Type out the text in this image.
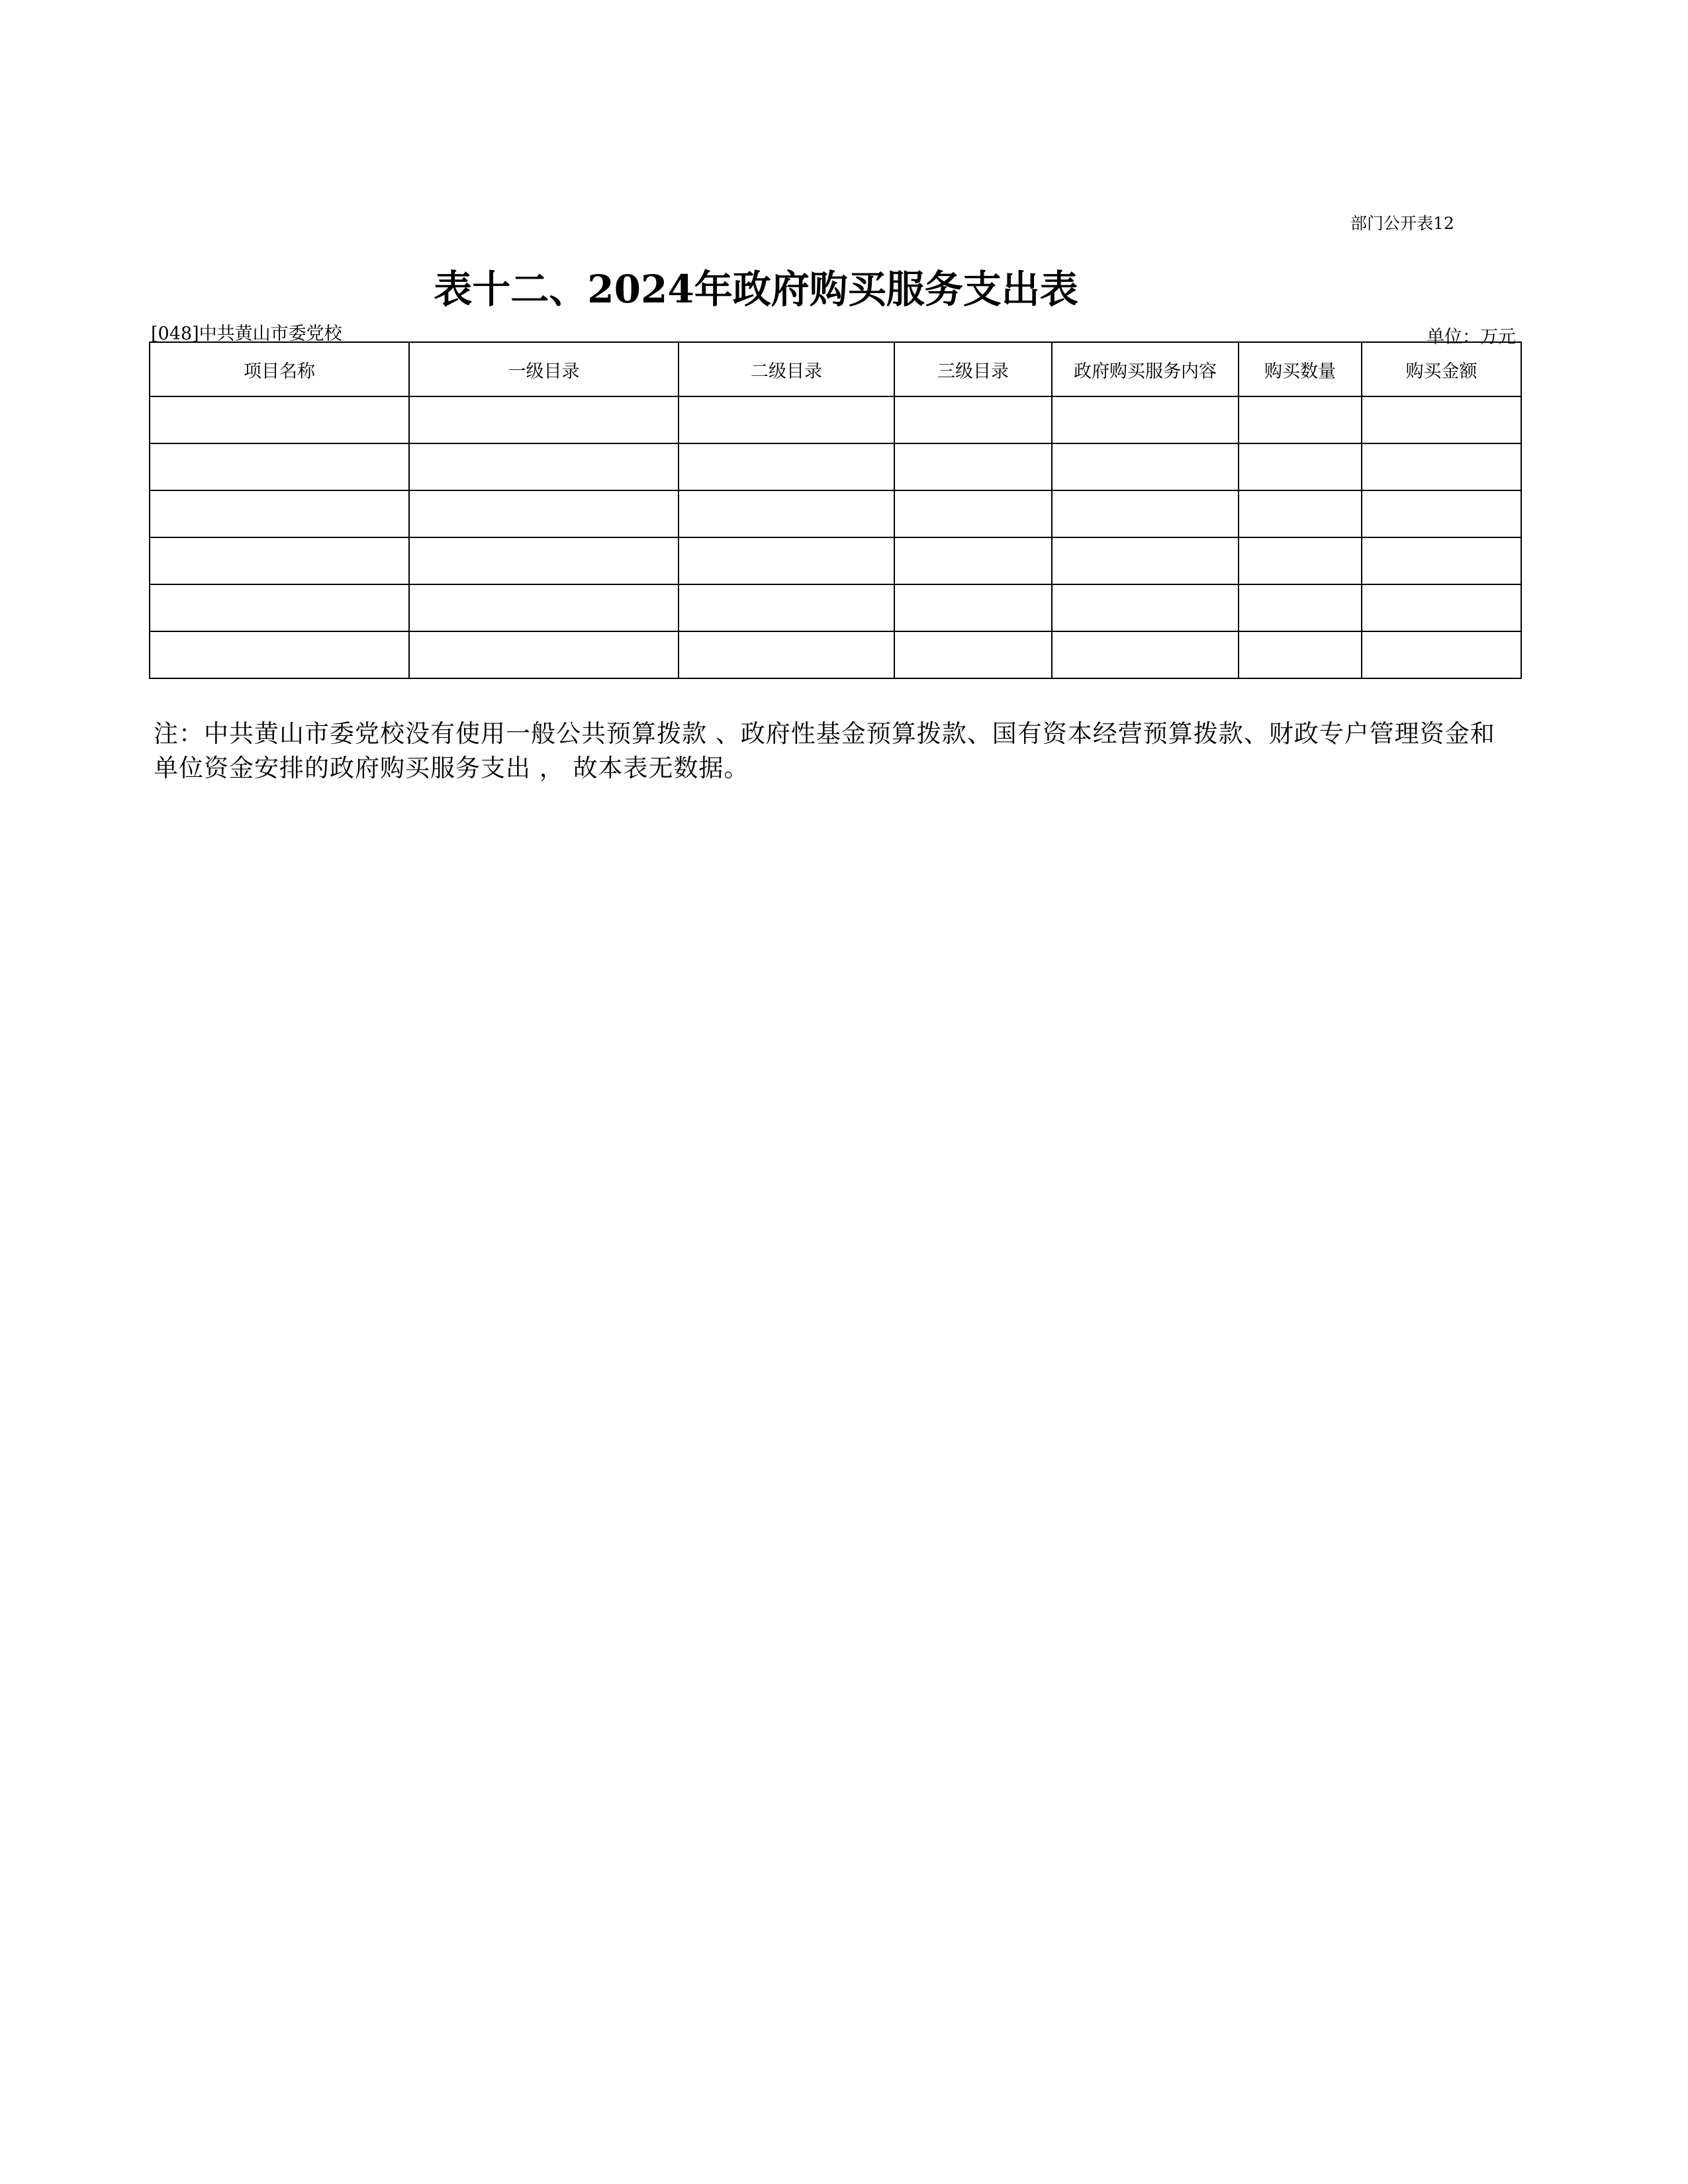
部门公开表12
表十二、2024年政府购买服务支出表
[048]中共黄山市委党校	单位：万元
项目名称	一级目录	二级目录	三级目录	政府购买服务内容	购买数量	购买金额

注：中共黄山市委党校没有使用一般公共预算拨款 、政府性基金预算拨款、国有资本经营预算拨款、财政专户管理资金和单位资金安排的政府购买服务支出 ， 故本表无数据。
